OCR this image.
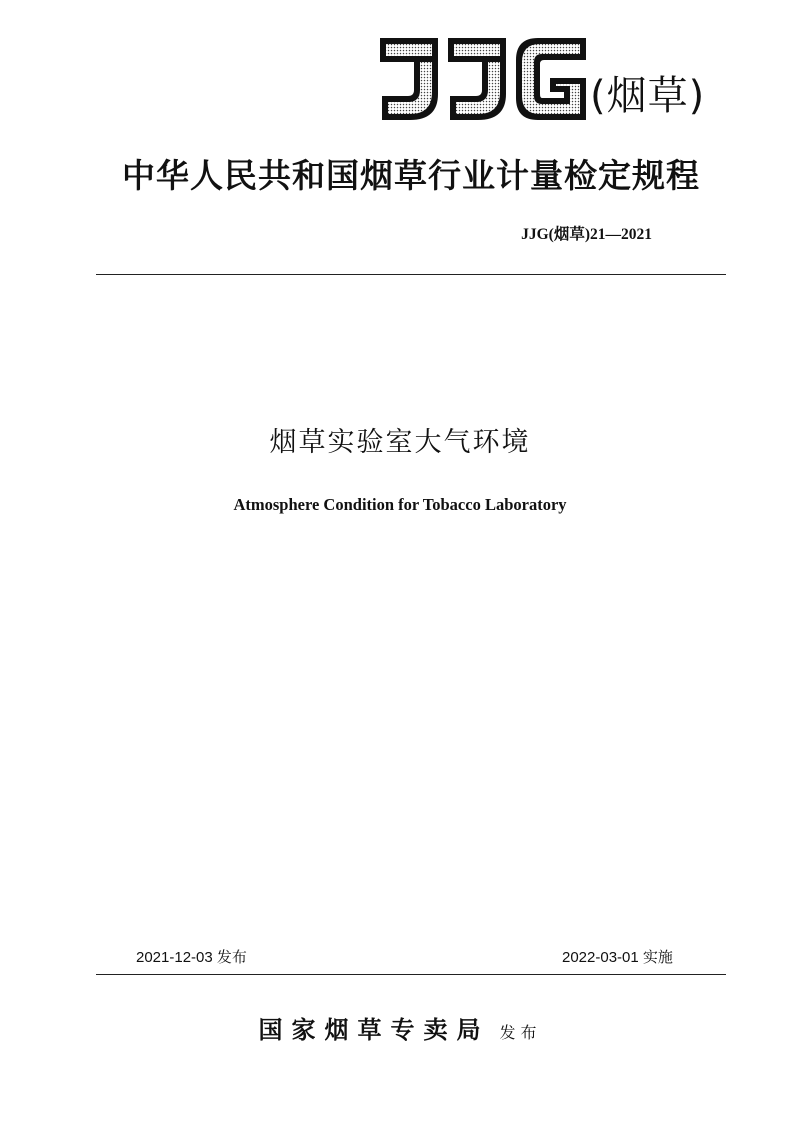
(烟草)
中华人民共和国烟草行业计量检定规程
JJG(烟草)21—2021
烟草实验室大气环境
Atmosphere Condition for Tobacco Laboratory
2021-12-03 发布	2022-03-01 实施
国家烟草专卖局 发布
